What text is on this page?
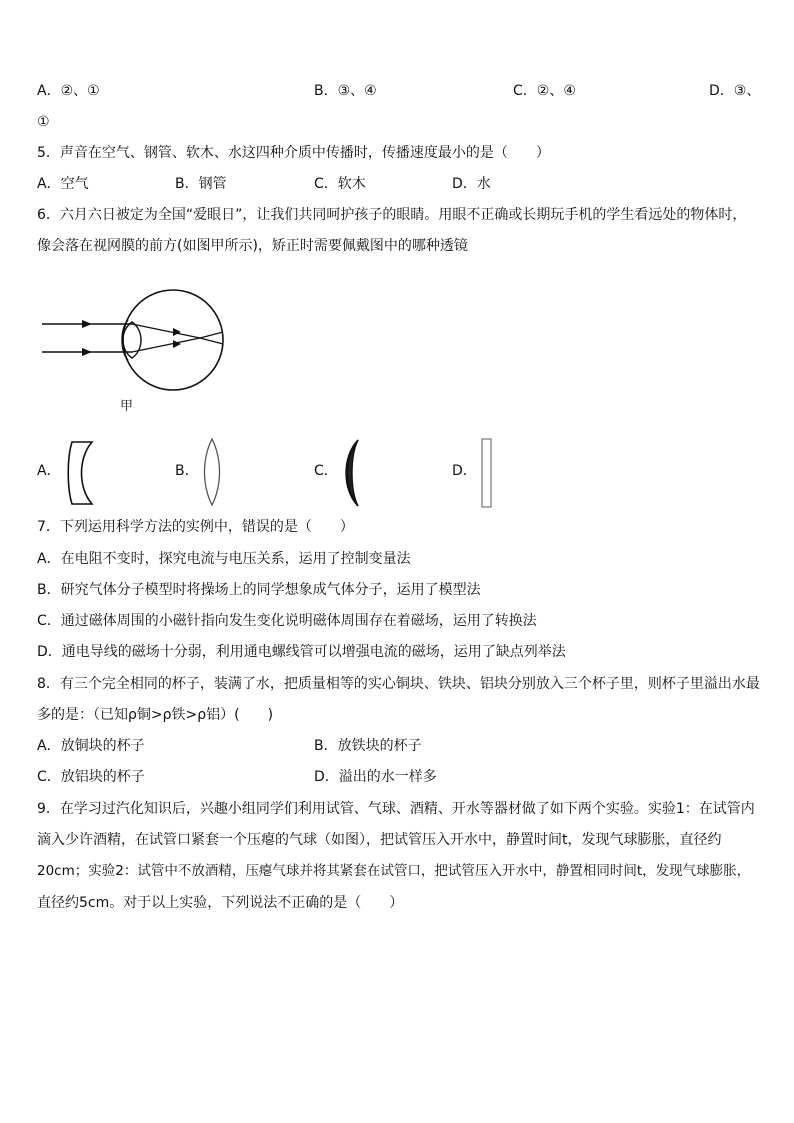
A．②、①	B．③、④	C．②、④	D．③、
①
5．声音在空气、钢管、软木、水这四种介质中传播时，传播速度最小的是（　　）
A．空气	B．钢管	C．软木	D．水
6．六月六日被定为全国“爱眼日”，让我们共同呵护孩子的眼睛。用眼不正确或长期玩手机的学生看远处的物体时，
像会落在视网膜的前方(如图甲所示)，矫正时需要佩戴图中的哪种透镜
甲
A．	B．	C．	D．
7．下列运用科学方法的实例中，错误的是（　　）
A．在电阻不变时，探究电流与电压关系，运用了控制变量法
B．研究气体分子模型时将操场上的同学想象成气体分子，运用了模型法
C．通过磁体周围的小磁针指向发生变化说明磁体周围存在着磁场，运用了转换法
D．通电导线的磁场十分弱，利用通电螺线管可以增强电流的磁场，运用了缺点列举法
8．有三个完全相同的杯子，装满了水，把质量相等的实心铜块、铁块、铝块分别放入三个杯子里，则杯子里溢出水最
多的是：（已知ρ铜>ρ铁>ρ铝）(　　)
A．放铜块的杯子	B．放铁块的杯子
C．放铝块的杯子	D．溢出的水一样多
9．在学习过汽化知识后，兴趣小组同学们利用试管、气球、酒精、开水等器材做了如下两个实验。实验1：在试管内
滴入少许酒精，在试管口紧套一个压瘪的气球（如图），把试管压入开水中，静置时间t，发现气球膨胀，直径约
20cm；实验2：试管中不放酒精，压瘪气球并将其紧套在试管口，把试管压入开水中，静置相同时间t，发现气球膨胀，
直径约5cm。对于以上实验，下列说法不正确的是（　　）
